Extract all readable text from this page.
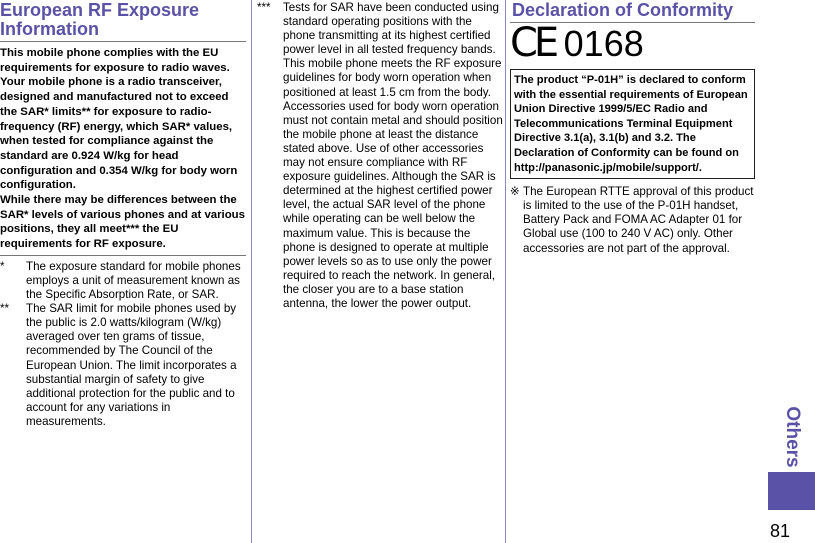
European RF Exposure Information
This mobile phone complies with the EU requirements for exposure to radio waves. Your mobile phone is a radio transceiver, designed and manufactured not to exceed the SAR* limits** for exposure to radio-frequency (RF) energy, which SAR* values, when tested for compliance against the standard are 0.924 W/kg for head configuration and 0.354 W/kg for body worn configuration.
While there may be differences between the SAR* levels of various phones and at various positions, they all meet*** the EU requirements for RF exposure.
* The exposure standard for mobile phones employs a unit of measurement known as the Specific Absorption Rate, or SAR.
** The SAR limit for mobile phones used by the public is 2.0 watts/kilogram (W/kg) averaged over ten grams of tissue, recommended by The Council of the European Union. The limit incorporates a substantial margin of safety to give additional protection for the public and to account for any variations in measurements.
*** Tests for SAR have been conducted using standard operating positions with the phone transmitting at its highest certified power level in all tested frequency bands. This mobile phone meets the RF exposure guidelines for body worn operation when positioned at least 1.5 cm from the body. Accessories used for body worn operation must not contain metal and should position the mobile phone at least the distance stated above. Use of other accessories may not ensure compliance with RF exposure guidelines. Although the SAR is determined at the highest certified power level, the actual SAR level of the phone while operating can be well below the maximum value. This is because the phone is designed to operate at multiple power levels so as to use only the power required to reach the network. In general, the closer you are to a base station antenna, the lower the power output.
Declaration of Conformity
CE 0168
The product “P-01H” is declared to conform with the essential requirements of European Union Directive 1999/5/EC Radio and Telecommunications Terminal Equipment Directive 3.1(a), 3.1(b) and 3.2. The Declaration of Conformity can be found on http://panasonic.jp/mobile/support/.
※ The European RTTE approval of this product is limited to the use of the P-01H handset, Battery Pack and FOMA AC Adapter 01 for Global use (100 to 240 V AC) only. Other accessories are not part of the approval.
Others
81
